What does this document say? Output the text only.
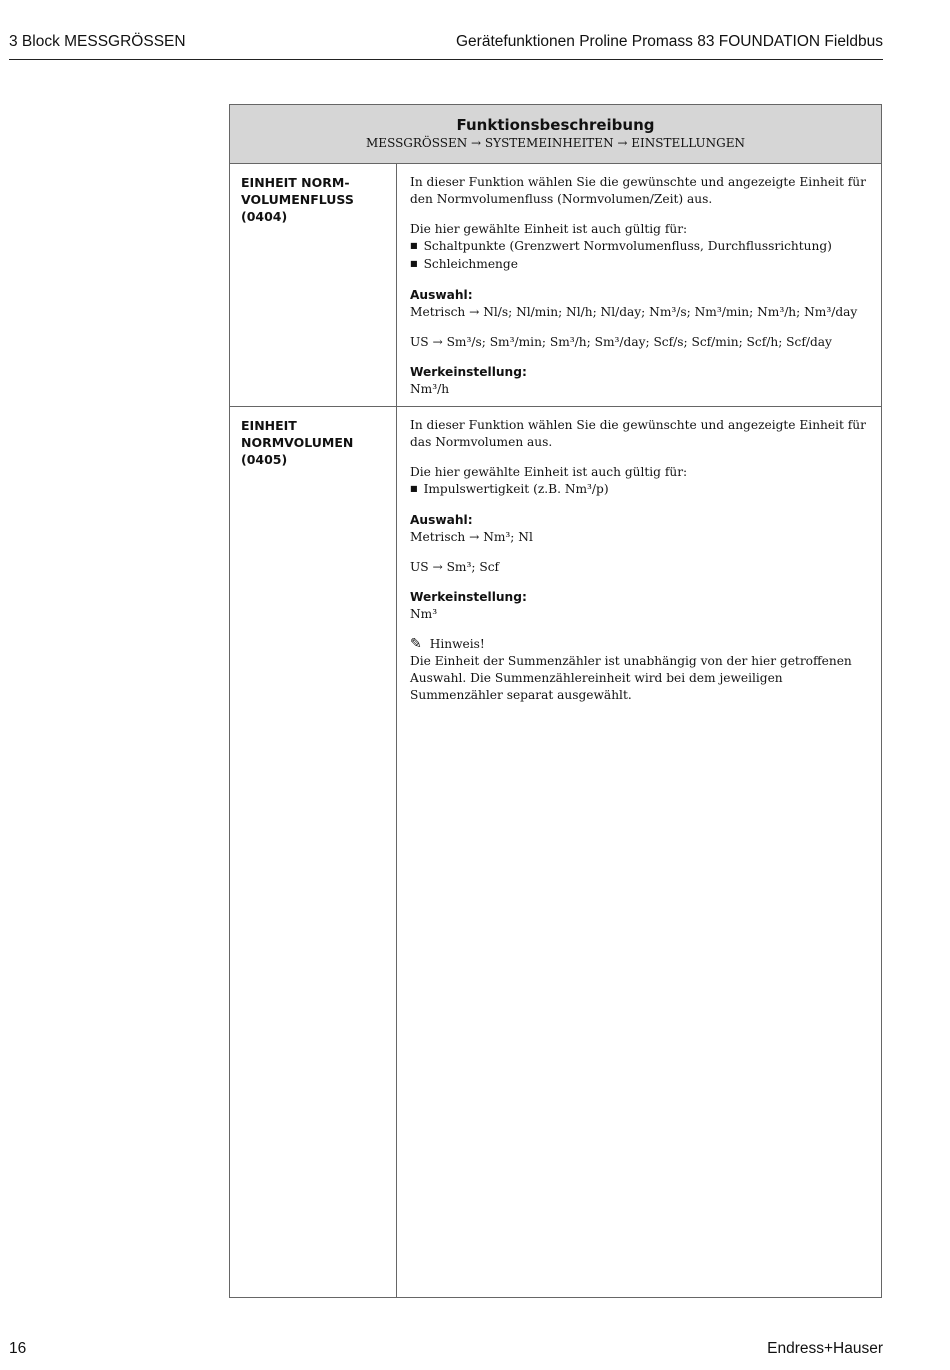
3 Block MESSGRÖSSEN	Gerätefunktionen Proline Promass 83 FOUNDATION Fieldbus
Funktionsbeschreibung
MESSGRÖSSEN → SYSTEMEINHEITEN → EINSTELLUNGEN
EINHEIT NORM-
VOLUMENFLUSS
(0404)

In dieser Funktion wählen Sie die gewünschte und angezeigte Einheit für den Normvolumenfluss (Normvolumen/Zeit) aus.

Die hier gewählte Einheit ist auch gültig für:
■ Schaltpunkte (Grenzwert Normvolumenfluss, Durchflussrichtung)
■ Schleichmenge
Auswahl:

Metrisch → Nl/s; Nl/min; Nl/h; Nl/day; Nm³/s; Nm³/min; Nm³/h; Nm³/day

US → Sm³/s; Sm³/min; Sm³/h; Sm³/day; Scf/s; Scf/min; Scf/h; Scf/day

Werkeinstellung:
Nm³/h
EINHEIT
NORMVOLUMEN
(0405)

In dieser Funktion wählen Sie die gewünschte und angezeigte Einheit für das Normvolumen aus.

Die hier gewählte Einheit ist auch gültig für:
■ Impulswertigkeit (z.B. Nm³/p)
Auswahl:

Metrisch → Nm³; Nl

US → Sm³; Scf

Werkeinstellung:

Nm³

✎ Hinweis!
Die Einheit der Summenzähler ist unabhängig von der hier getroffenen Auswahl. Die Summenzählereinheit wird bei dem jeweiligen Summenzähler separat ausgewählt.
16	Endress+Hauser
